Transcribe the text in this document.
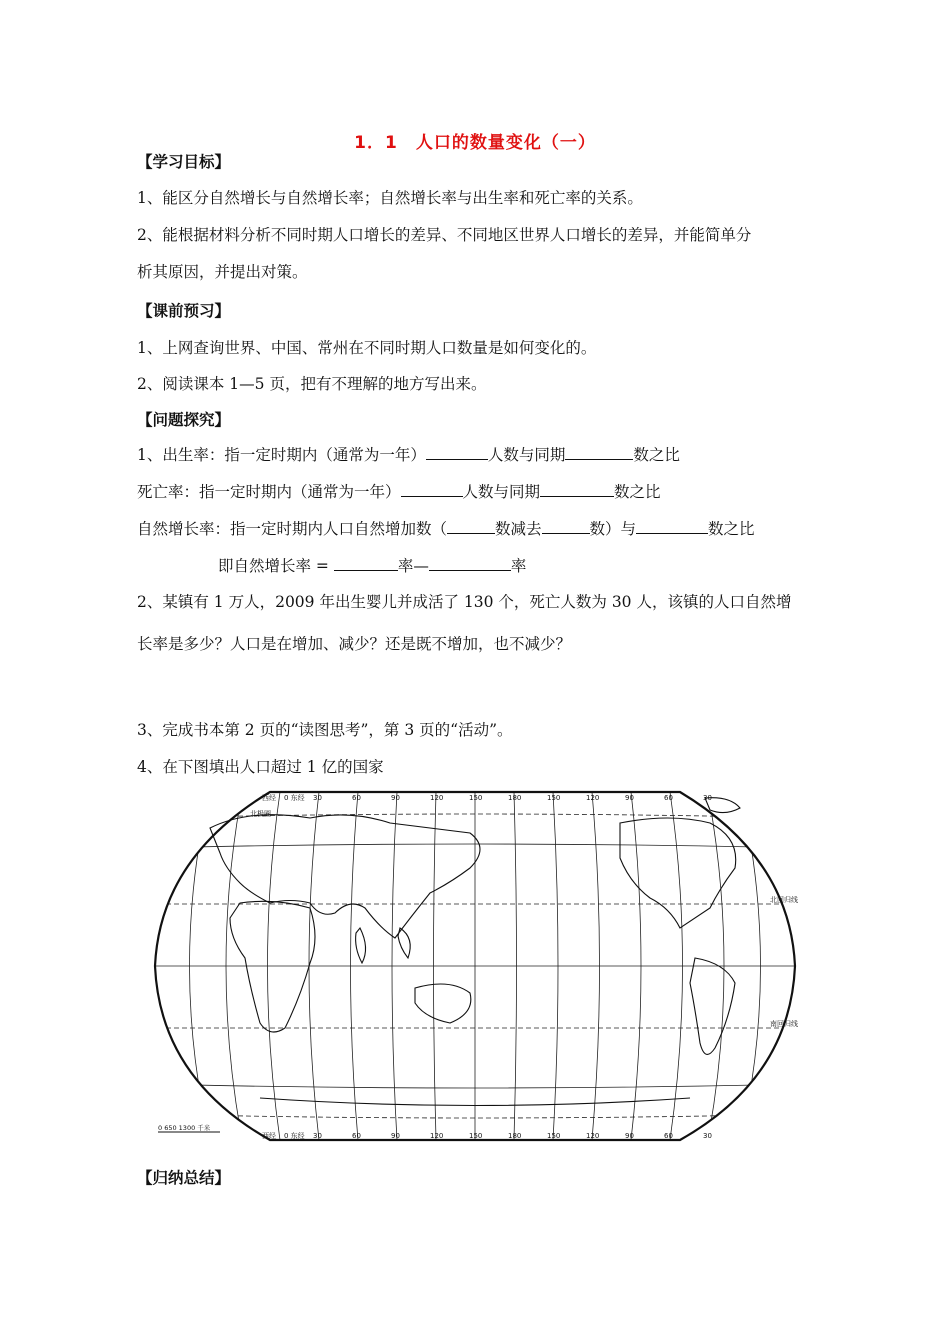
1．1　人口的数量变化（一）
【学习目标】
1、能区分自然增长与自然增长率；自然增长率与出生率和死亡率的关系。
2、能根据材料分析不同时期人口增长的差异、不同地区世界人口增长的差异，并能简单分
析其原因，并提出对策。
【课前预习】
1、上网查询世界、中国、常州在不同时期人口数量是如何变化的。
2、阅读课本 1—5 页，把有不理解的地方写出来。
【问题探究】
1、出生率：指一定时期内（通常为一年）	人数与同期	数之比
死亡率：指一定时期内（通常为一年）	人数与同期	数之比
自然增长率：指一定时期内人口自然增加数（	数减去	数）与	数之比
即自然增长率 =	率—	率
2、某镇有 1 万人，2009 年出生婴儿并成活了 130 个，死亡人数为 30 人，该镇的人口自然增
长率是多少？人口是在增加、减少？还是既不增加，也不减少？
3、完成书本第 2 页的“读图思考”，第 3 页的“活动”。
4、在下图填出人口超过 1 亿的国家
西经 0 东经 30	60	90	120	150	180	150	120	90	60	30
西经 0 东经 30	60	90	120	150	180	150	120	90	60	30
北极圈
北回归线
南回归线
0 650 1300 千米
【归纳总结】
